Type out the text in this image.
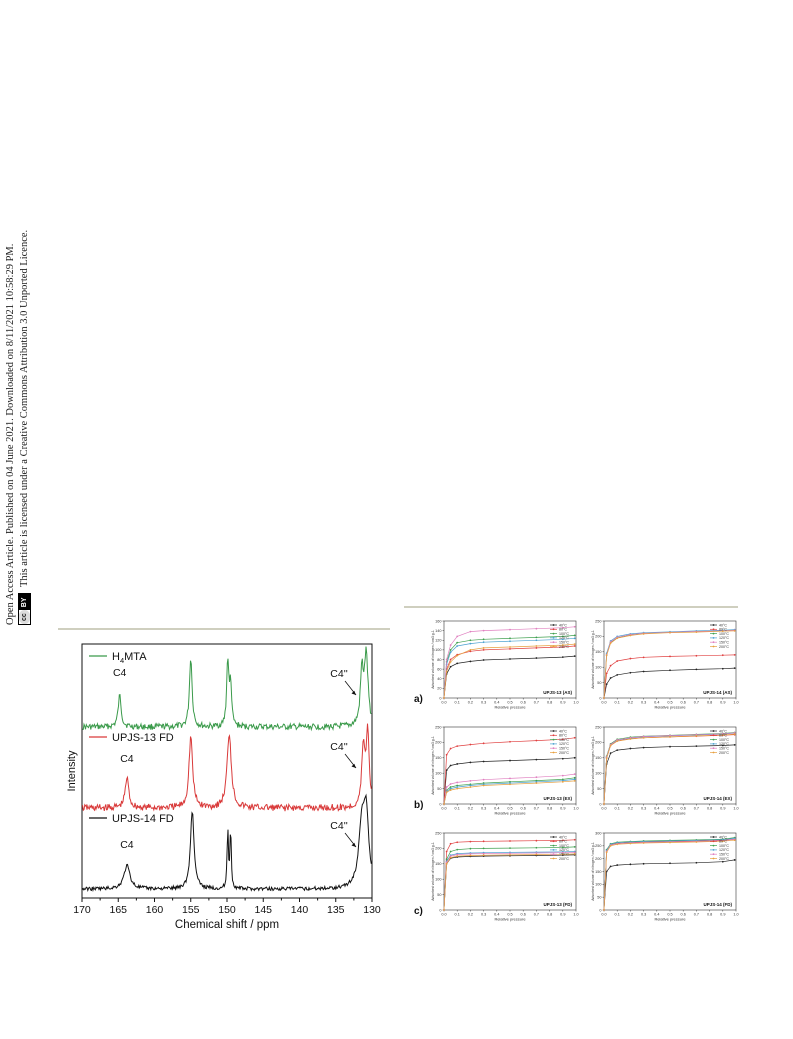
Open Access Article. Published on 04 June 2021. Downloaded on 8/11/2021 10:58:29 PM. ccBY This article is licensed under a Creative Commons Attribution 3.0 Unported Licence.
170 165 160 155 150 145 140 135 130
Chemical shift / ppm
Intensity
$H_4MTA$
C4	C4''
UPJS-13 FD
C4
C4''
UPJS-14 FD
C4
C4''
a)
b)
c)
0.0 0.1 0.2 0.3 0.4 0.5 0.6 0.7 0.8 0.9 1.0
Relative pressure
0
20
40
60
80
100
120
140
160
Adsorbed volume of nitrogen / cm3 g-1
40°C
80°C
100°C
120°C
150°C
200°C
UPJS-13 (AS)
0.0 0.1 0.2 0.3 0.4 0.5 0.6 0.7 0.8 0.9 1.0
Relative pressure
0
50
100
150
200
250
Adsorbed volume of nitrogen / cm3 g-1
40°C
80°C
100°C
120°C
150°C
200°C
UPJS-14 (AS)
0.0 0.1 0.2 0.3 0.4 0.5 0.6 0.7 0.8 0.9 1.0
Relative pressure
0
50
100
150
200
250
Adsorbed volume of nitrogen / cm3 g-1
40°C
80°C
100°C
120°C
150°C
200°C
UPJS-13 (EX)
0.0 0.1 0.2 0.3 0.4 0.5 0.6 0.7 0.8 0.9 1.0
Relative pressure
0
50
100
150
200
250
Adsorbed volume of nitrogen / cm3 g-1
40°C
80°C
100°C
120°C
150°C
200°C
UPJS-14 (EX)
0.0 0.1 0.2 0.3 0.4 0.5 0.6 0.7 0.8 0.9 1.0
Relative pressure
0
50
100
150
200
250
Adsorbed volume of nitrogen / cm3 g-1
40°C
80°C
100°C
120°C
150°C
200°C
UPJS-13 (FD)
0.0 0.1 0.2 0.3 0.4 0.5 0.6 0.7 0.8 0.9 1.0
Relative pressure
0
50
100
150
200
250
300
Adsorbed volume of nitrogen / cm3 g-1
40°C
80°C
100°C
120°C
150°C
200°C
UPJS-14 (FD)
